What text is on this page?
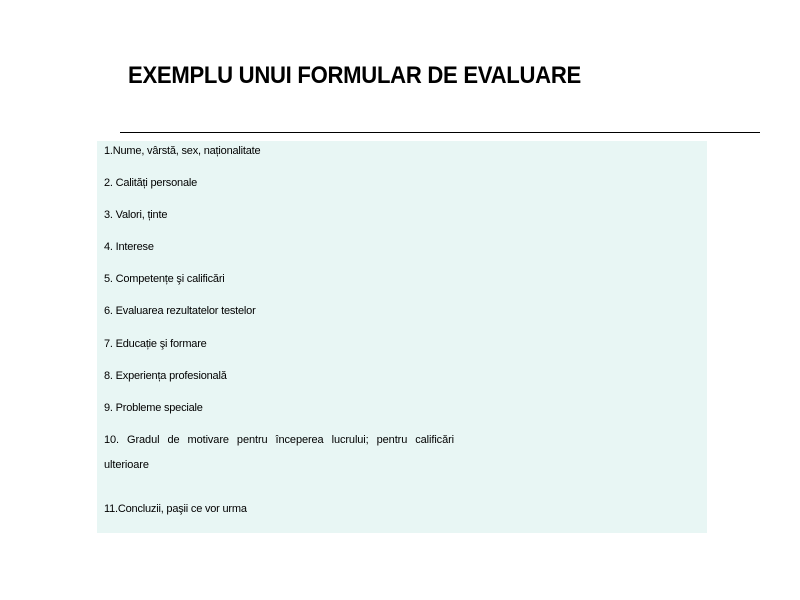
EXEMPLU UNUI FORMULAR DE EVALUARE

1.Nume, vârstă, sex, naționalitate

2. Calități personale

3. Valori, ținte

4. Interese

5. Competențe şi calificări

6. Evaluarea rezultatelor testelor

7. Educație şi formare

8. Experiența profesională

9. Probleme speciale

10. Gradul de motivare pentru începerea lucrului; pentru calificări ulterioare

11.Concluzii, paşii ce vor urma
